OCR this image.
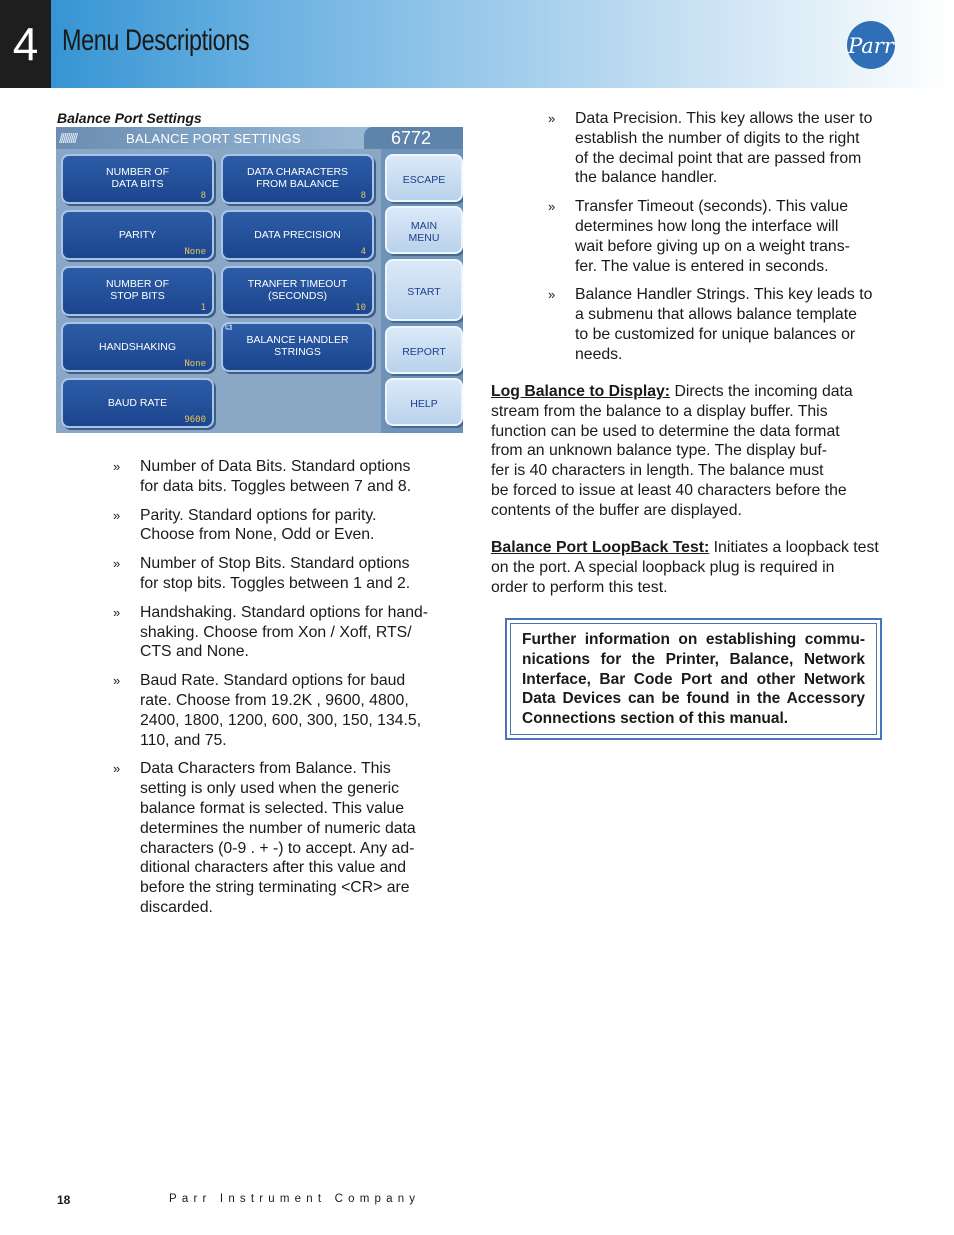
4 Menu Descriptions	Parr
Balance Port Settings
/////////	BALANCE PORT SETTINGS	6772
NUMBER OF
DATA BITS
8
DATA CHARACTERS
FROM BALANCE
8
PARITY
None
DATA PRECISION
4
NUMBER OF
STOP BITS
1
TRANFER TIMEOUT
(SECONDS)
10
HANDSHAKING
None
⧉
BALANCE HANDLER
STRINGS
BAUD RATE
9600
ESCAPE
MAIN
MENU
START
REPORT
HELP
» Number of Data Bits. Standard options
for data bits. Toggles between 7 and 8.
» Parity. Standard options for parity.
Choose from None, Odd or Even.
» Number of Stop Bits. Standard options
for stop bits. Toggles between 1 and 2.
» Handshaking. Standard options for hand-
shaking. Choose from Xon / Xoff, RTS/
CTS and None.
» Baud Rate. Standard options for baud
rate. Choose from 19.2K , 9600, 4800,
2400, 1800, 1200, 600, 300, 150, 134.5,
110, and 75.
» Data Characters from Balance. This
setting is only used when the generic
balance format is selected. This value
determines the number of numeric data
characters (0-9 . + -) to accept. Any ad-
ditional characters after this value and
before the string terminating <CR> are
discarded.
» Data Precision. This key allows the user to
establish the number of digits to the right
of the decimal point that are passed from
the balance handler.
» Transfer Timeout (seconds). This value
determines how long the interface will
wait before giving up on a weight trans-
fer. The value is entered in seconds.
» Balance Handler Strings. This key leads to
a submenu that allows balance template
to be customized for unique balances or
needs.
Log Balance to Display: Directs the incoming data
stream from the balance to a display buffer. This
function can be used to determine the data format
from an unknown balance type. The display buf-
fer is 40 characters in length. The balance must
be forced to issue at least 40 characters before the
contents of the buffer are displayed.
Balance Port LoopBack Test: Initiates a loopback test
on the port. A special loopback plug is required in
order to perform this test.
Further information on establishing commu-nications for the Printer, Balance, Network Interface, Bar Code Port and other Network Data Devices can be found in the Accessory Connections section of this manual.
18	Parr Instrument Company
